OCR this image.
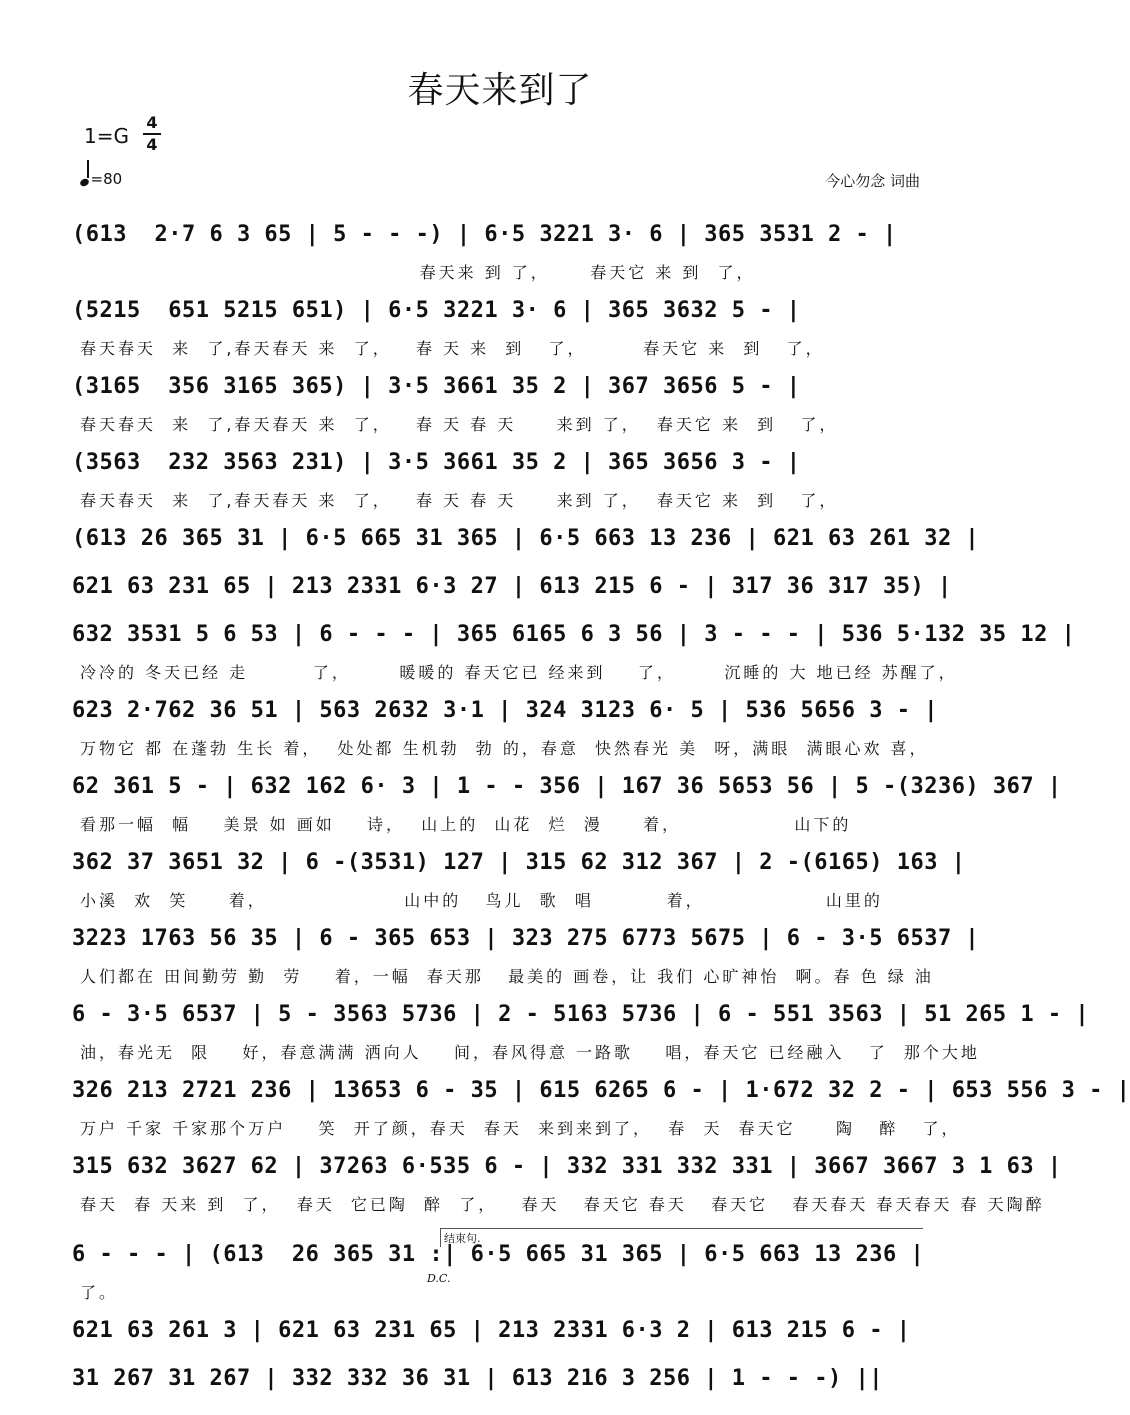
春天来到了
1=G
4
4
=80	今心勿念 词曲
(613  2·7 6 3 65 | 5 - - -) | 6·5 3221 3· 6 | 365 3531 2 - |
春天来 到 了，     春天它 来 到  了，
(5215  651 5215 651) | 6·5 3221 3· 6 | 365 3632 5 - |
春天春天  来  了,春天春天 来  了，   春 天 来  到   了，       春天它 来  到   了，
(3165  356 3165 365) | 3·5 3661 35 2 | 367 3656 5 - |
春天春天  来  了,春天春天 来  了，   春 天 春 天     来到 了，  春天它 来  到   了，
(3563  232 3563 231) | 3·5 3661 35 2 | 365 3656 3 - |
春天春天  来  了,春天春天 来  了，   春 天 春 天     来到 了，  春天它 来  到   了，
(613 26 365 31 | 6·5 665 31 365 | 6·5 663 13 236 | 621 63 261 32 |
621 63 231 65 | 213 2331 6·3 27 | 613 215 6 - | 317 36 317 35) |
632 3531 5 6 53 | 6 - - - | 365 6165 6 3 56 | 3 - - - | 536 5·132 35 12 |
冷冷的 冬天已经 走        了，      暖暖的 春天它已 经来到    了，      沉睡的 大 地已经 苏醒了，
623 2·762 36 51 | 563 2632 3·1 | 324 3123 6· 5 | 536 5656 3 - |
万物它 都 在蓬勃 生长 着，  处处都 生机勃  勃 的，春意  快然春光 美  呀，满眼  满眼心欢 喜，
62 361 5 - | 632 162 6· 3 | 1 - - 356 | 167 36 5653 56 | 5 -(3236) 367 |
看那一幅  幅    美景 如 画如    诗，  山上的  山花  烂  漫     着，              山下的
362 37 3651 32 | 6 -(3531) 127 | 315 62 312 367 | 2 -(6165) 163 |
小溪  欢  笑     着，                 山中的   鸟儿  歌  唱         着，               山里的
3223 1763 56 35 | 6 - 365 653 | 323 275 6773 5675 | 6 - 3·5 6537 |
人们都在 田间勤劳 勤  劳    着，一幅  春天那   最美的 画卷，让 我们 心旷神怡  啊。春 色 绿 油
6 - 3·5 6537 | 5 - 3563 5736 | 2 - 5163 5736 | 6 - 551 3563 | 51 265 1 - |
油，春光无  限    好，春意满满 洒向人    间，春风得意 一路歌    唱，春天它 已经融入   了  那个大地
326 213 2721 236 | 13653 6 - 35 | 615 6265 6 - | 1·672 32 2 - | 653 556 3 - |
万户 千家 千家那个万户    笑  开了颜，春天  春天  来到来到了，  春  天  春天它     陶   醉   了，
315 632 3627 62 | 37263 6·535 6 - | 332 331 332 331 | 3667 3667 3 1 63 |
春天  春 天来 到  了，  春天  它已陶  醉  了，   春天   春天它 春天   春天它   春天春天 春天春天 春 天陶醉
6 - - - | (613  26 365 31 :| 6·5 665 31 365 | 6·5 663 13 236 |
了。
621 63 261 3 | 621 63 231 65 | 213 2331 6·3 2 | 613 215 6 - |
31 267 31 267 | 332 332 36 31 | 613 216 3 256 | 1 - - -) ||
结束句.
D.C.
